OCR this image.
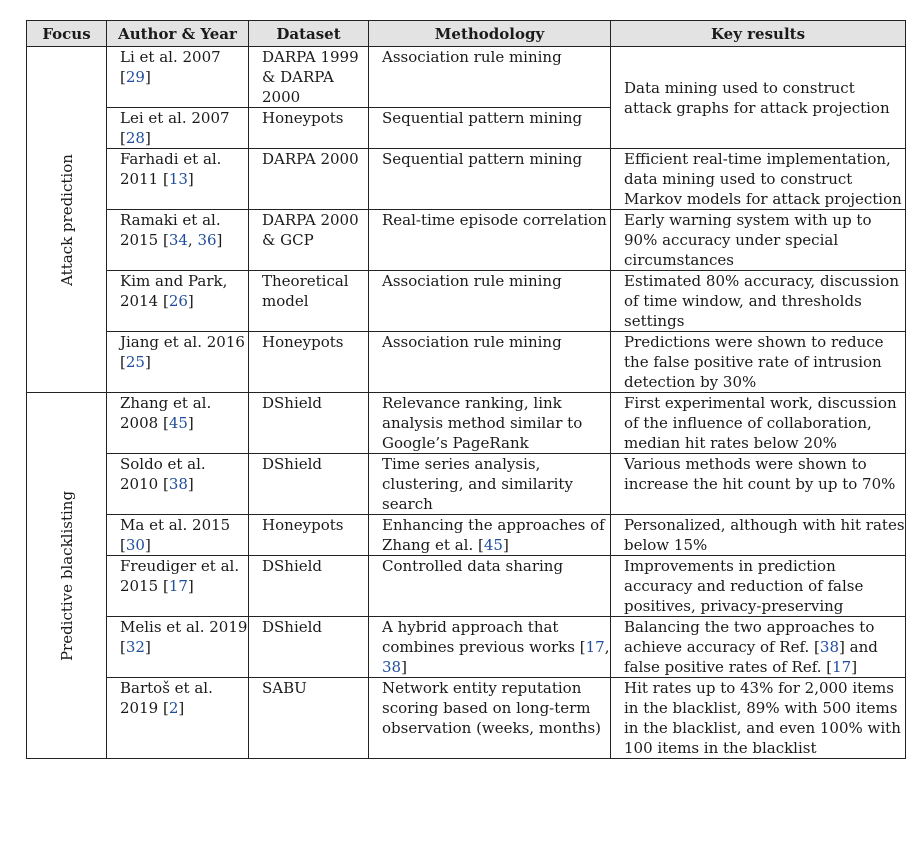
Focus	Author & Year	Dataset	Methodology	Key results

Attack prediction	Li et al. 2007 [29]	DARPA 1999 & DARPA 2000	Association rule mining	Data mining used to construct attack graphs for attack projection
	Lei et al. 2007 [28]	Honeypots	Sequential pattern mining	
	Farhadi et al. 2011 [13]	DARPA 2000	Sequential pattern mining	Efficient real-time implementation, data mining used to construct Markov models for attack projection
	Ramaki et al. 2015 [34, 36]	DARPA 2000 & GCP	Real-time episode correlation	Early warning system with up to 90% accuracy under special circumstances
	Kim and Park, 2014 [26]	Theoretical model	Association rule mining	Estimated 80% accuracy, discussion of time window, and thresholds settings
	Jiang et al. 2016 [25]	Honeypots	Association rule mining	Predictions were shown to reduce the false positive rate of intrusion detection by 30%

Predictive blacklisting	Zhang et al. 2008 [45]	DShield	Relevance ranking, link analysis method similar to Google’s PageRank	First experimental work, discussion of the influence of collaboration, median hit rates below 20%
	Soldo et al. 2010 [38]	DShield	Time series analysis, clustering, and similarity search	Various methods were shown to increase the hit count by up to 70%
	Ma et al. 2015 [30]	Honeypots	Enhancing the approaches of Zhang et al. [45]	Personalized, although with hit rates below 15%
	Freudiger et al. 2015 [17]	DShield	Controlled data sharing	Improvements in prediction accuracy and reduction of false positives, privacy-preserving
	Melis et al. 2019 [32]	DShield	A hybrid approach that combines previous works [17, 38]	Balancing the two approaches to achieve accuracy of Ref. [38] and false positive rates of Ref. [17]
	Bartoš et al. 2019 [2]	SABU	Network entity reputation scoring based on long-term observation (weeks, months)	Hit rates up to 43% for 2,000 items in the blacklist, 89% with 500 items in the blacklist, and even 100% with 100 items in the blacklist
